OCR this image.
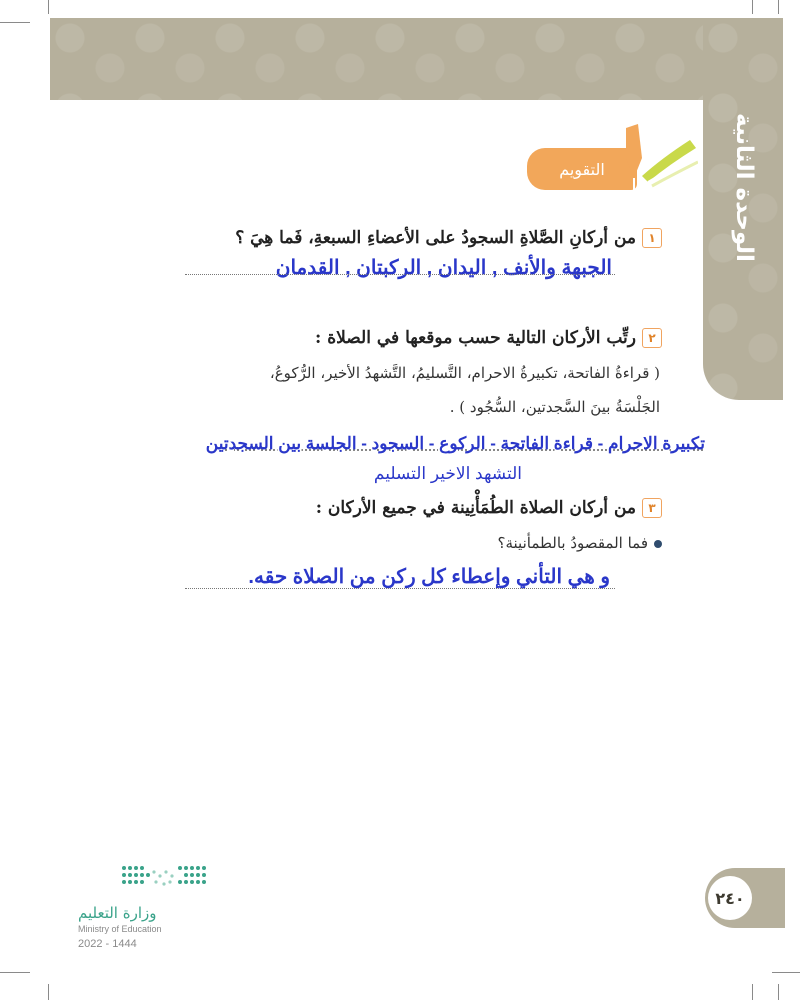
الوحدة الثانية
التقويم
١
من أركانِ الصَّلاةِ السجودُ على الأعضاءِ السبعةِ، فَما هِيَ ؟
الجبهة والأنف , اليدان , الركبتان , القدمان
٢
رتِّب الأركان التالية حسب موقعها في الصلاة :
( قراءةُ الفاتحة، تكبيرةُ الاحرام، التَّسليمُ، التَّشهدُ الأخير، الرُّكوعُ،
الجَلْسَةُ بينَ السَّجدتين، السُّجُود ) .
تكبيرة الاحرام - قراءة الفاتحة - الركوع - السجود - الجلسة بين السجدتين
التشهد الاخير التسليم
٣
من أركان الصلاة الطُمَأْنِينة في جميع الأركان :
فما المقصودُ بالطمأنينة؟
و هي التأني وإعطاء كل ركن من الصلاة حقه.
٢٤٠
وزارة التعليم
Ministry of Education
2022 - 1444
